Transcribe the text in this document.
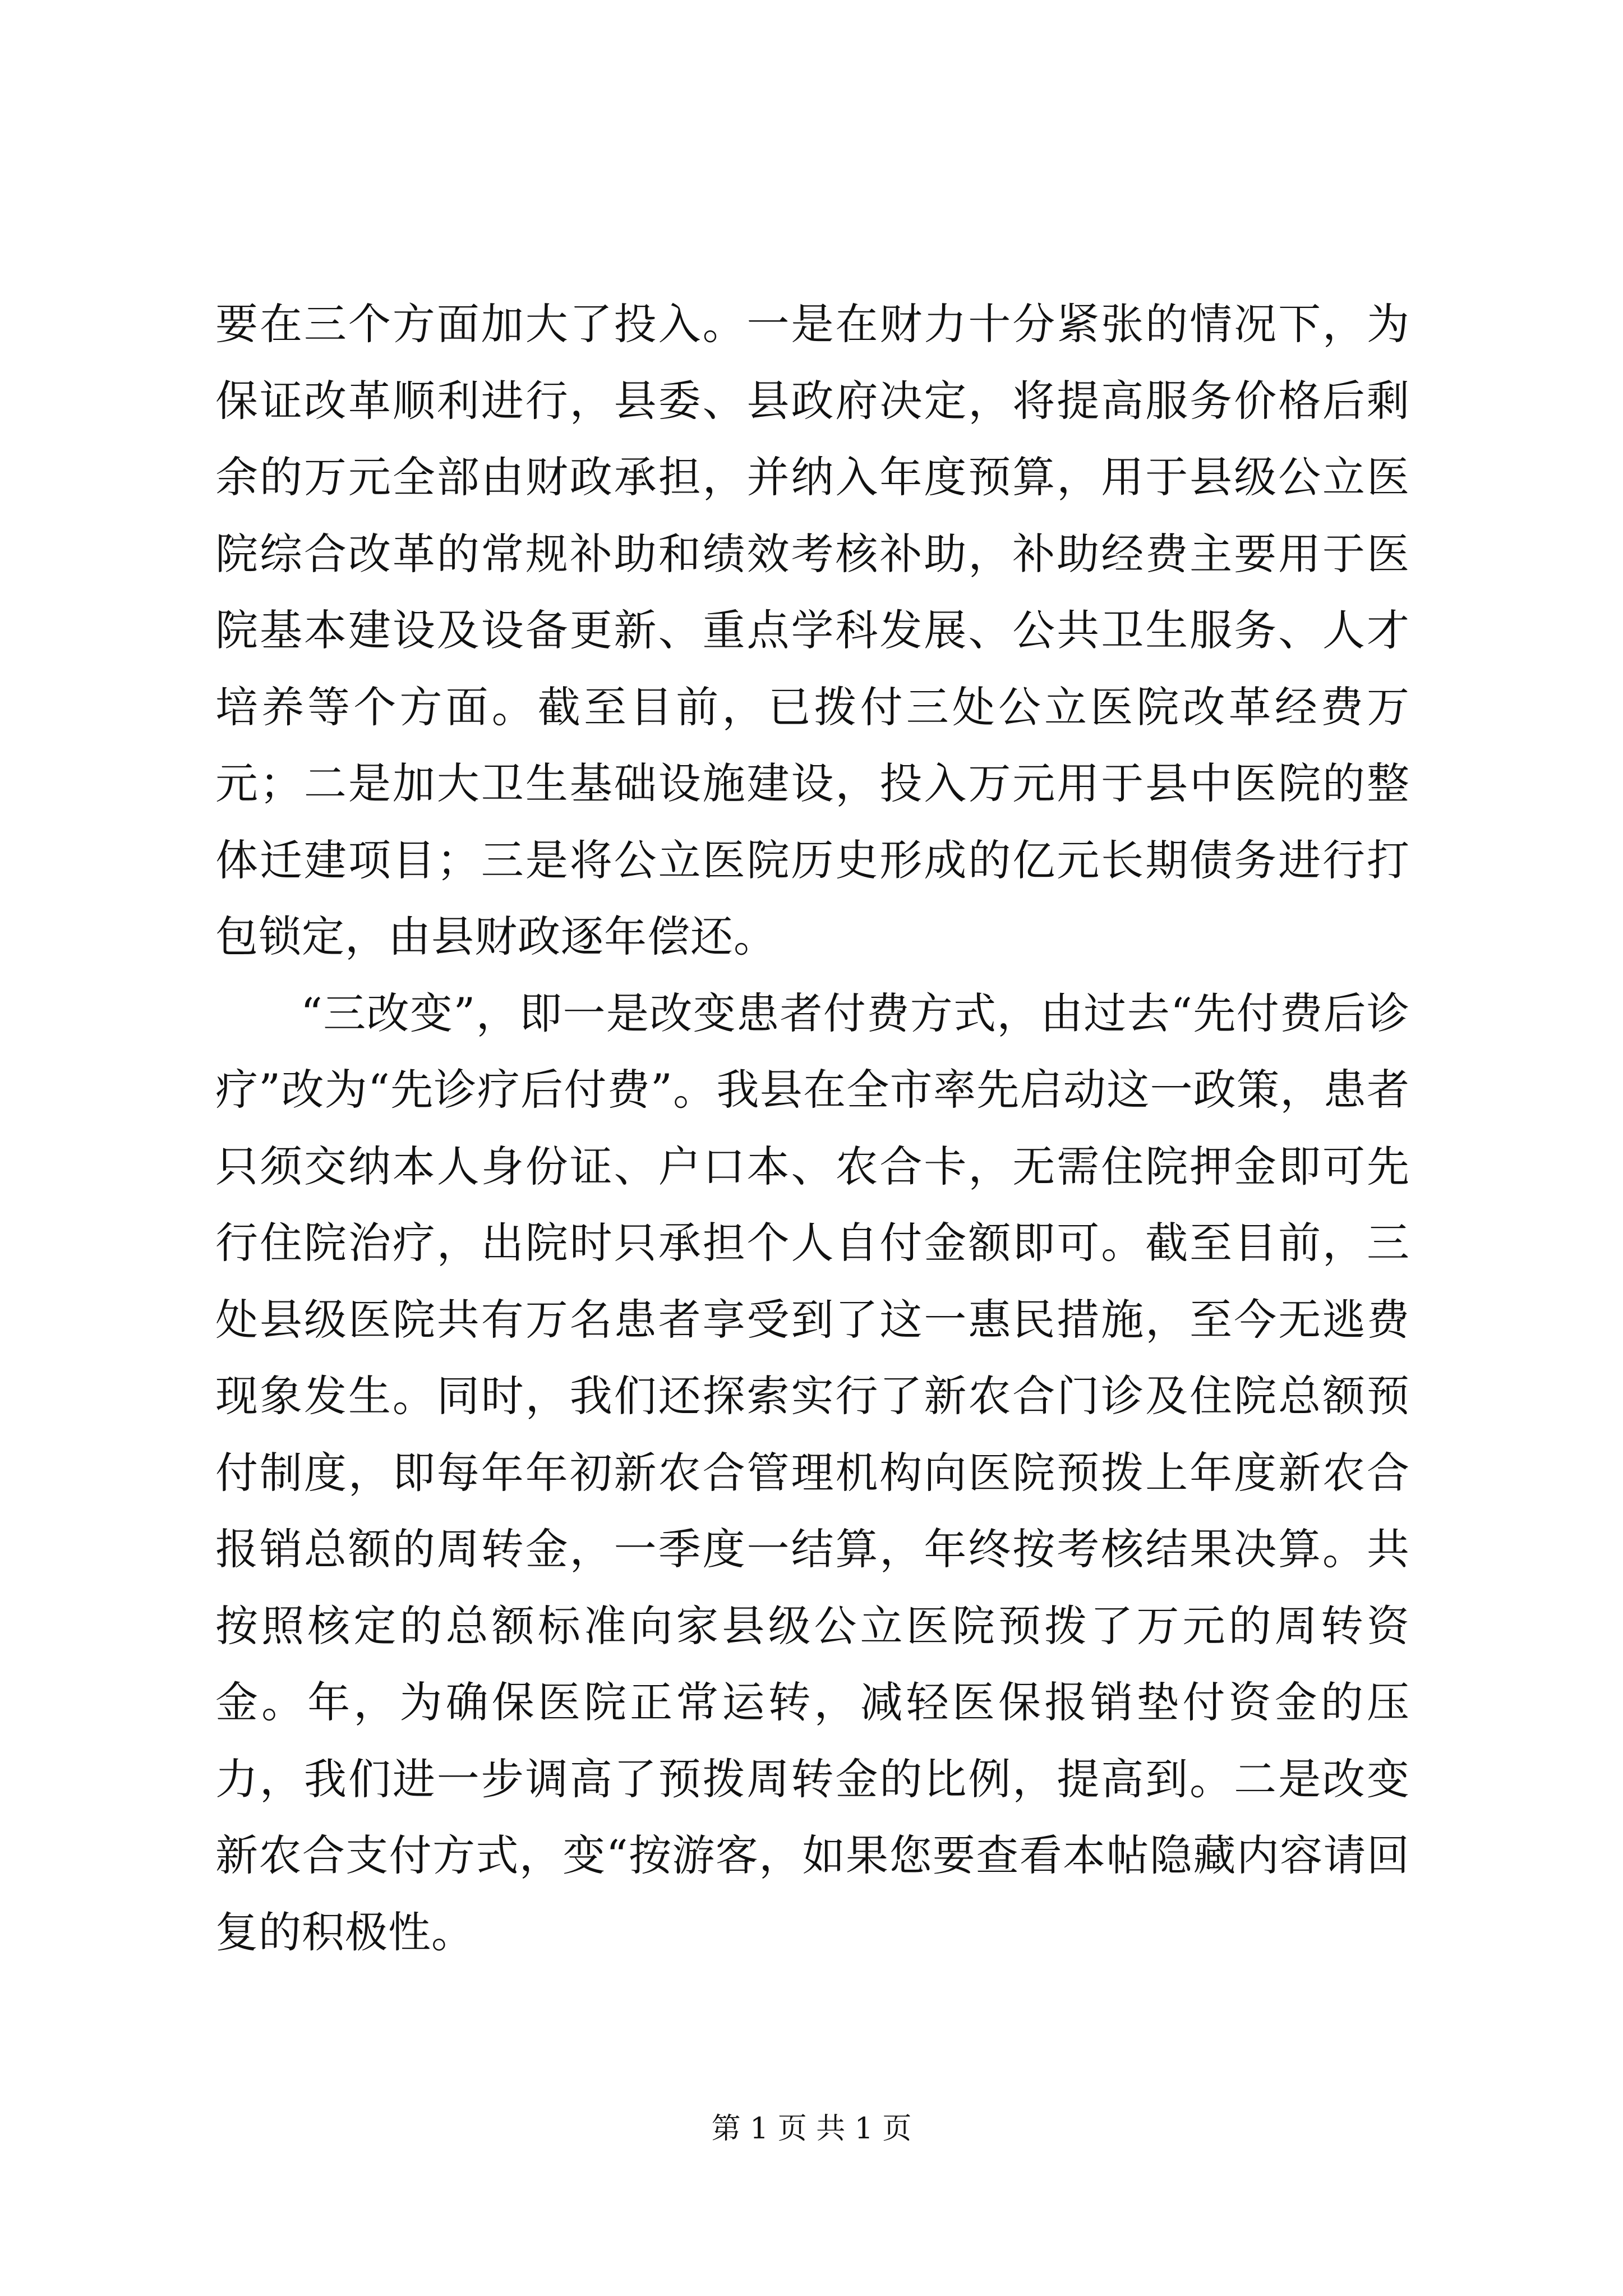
要在三个方面加大了投入。一是在财力十分紧张的情况下，为保证改革顺利进行，县委、县政府决定，将提高服务价格后剩余的万元全部由财政承担，并纳入年度预算，用于县级公立医院综合改革的常规补助和绩效考核补助，补助经费主要用于医院基本建设及设备更新、重点学科发展、公共卫生服务、人才培养等个方面。截至目前，已拨付三处公立医院改革经费万元；二是加大卫生基础设施建设，投入万元用于县中医院的整体迁建项目；三是将公立医院历史形成的亿元长期债务进行打包锁定，由县财政逐年偿还。

“三改变”，即一是改变患者付费方式，由过去“先付费后诊疗”改为“先诊疗后付费”。我县在全市率先启动这一政策，患者只须交纳本人身份证、户口本、农合卡，无需住院押金即可先行住院治疗，出院时只承担个人自付金额即可。截至目前，三处县级医院共有万名患者享受到了这一惠民措施，至今无逃费现象发生。同时，我们还探索实行了新农合门诊及住院总额预付制度，即每年年初新农合管理机构向医院预拨上年度新农合报销总额的周转金，一季度一结算，年终按考核结果决算。共按照核定的总额标准向家县级公立医院预拨了万元的周转资金。年，为确保医院正常运转，减轻医保报销垫付资金的压力，我们进一步调高了预拨周转金的比例，提高到。二是改变新农合支付方式，变“按游客，如果您要查看本帖隐藏内容请回复的积极性。

第 1 页 共 1 页
